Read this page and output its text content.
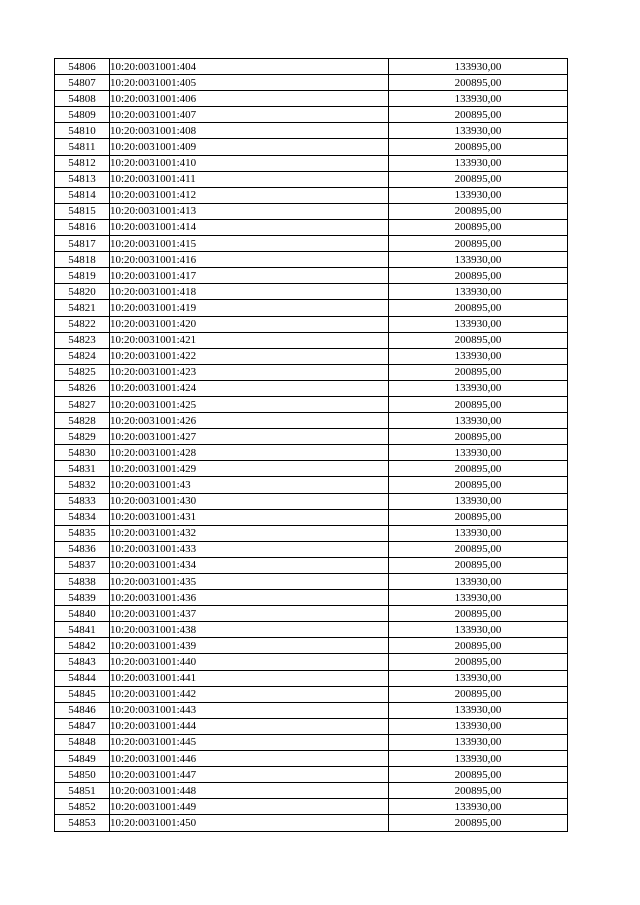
54806	10:20:0031001:404	133930,00
54807	10:20:0031001:405	200895,00
54808	10:20:0031001:406	133930,00
54809	10:20:0031001:407	200895,00
54810	10:20:0031001:408	133930,00
54811	10:20:0031001:409	200895,00
54812	10:20:0031001:410	133930,00
54813	10:20:0031001:411	200895,00
54814	10:20:0031001:412	133930,00
54815	10:20:0031001:413	200895,00
54816	10:20:0031001:414	200895,00
54817	10:20:0031001:415	200895,00
54818	10:20:0031001:416	133930,00
54819	10:20:0031001:417	200895,00
54820	10:20:0031001:418	133930,00
54821	10:20:0031001:419	200895,00
54822	10:20:0031001:420	133930,00
54823	10:20:0031001:421	200895,00
54824	10:20:0031001:422	133930,00
54825	10:20:0031001:423	200895,00
54826	10:20:0031001:424	133930,00
54827	10:20:0031001:425	200895,00
54828	10:20:0031001:426	133930,00
54829	10:20:0031001:427	200895,00
54830	10:20:0031001:428	133930,00
54831	10:20:0031001:429	200895,00
54832	10:20:0031001:43	200895,00
54833	10:20:0031001:430	133930,00
54834	10:20:0031001:431	200895,00
54835	10:20:0031001:432	133930,00
54836	10:20:0031001:433	200895,00
54837	10:20:0031001:434	200895,00
54838	10:20:0031001:435	133930,00
54839	10:20:0031001:436	133930,00
54840	10:20:0031001:437	200895,00
54841	10:20:0031001:438	133930,00
54842	10:20:0031001:439	200895,00
54843	10:20:0031001:440	200895,00
54844	10:20:0031001:441	133930,00
54845	10:20:0031001:442	200895,00
54846	10:20:0031001:443	133930,00
54847	10:20:0031001:444	133930,00
54848	10:20:0031001:445	133930,00
54849	10:20:0031001:446	133930,00
54850	10:20:0031001:447	200895,00
54851	10:20:0031001:448	200895,00
54852	10:20:0031001:449	133930,00
54853	10:20:0031001:450	200895,00
